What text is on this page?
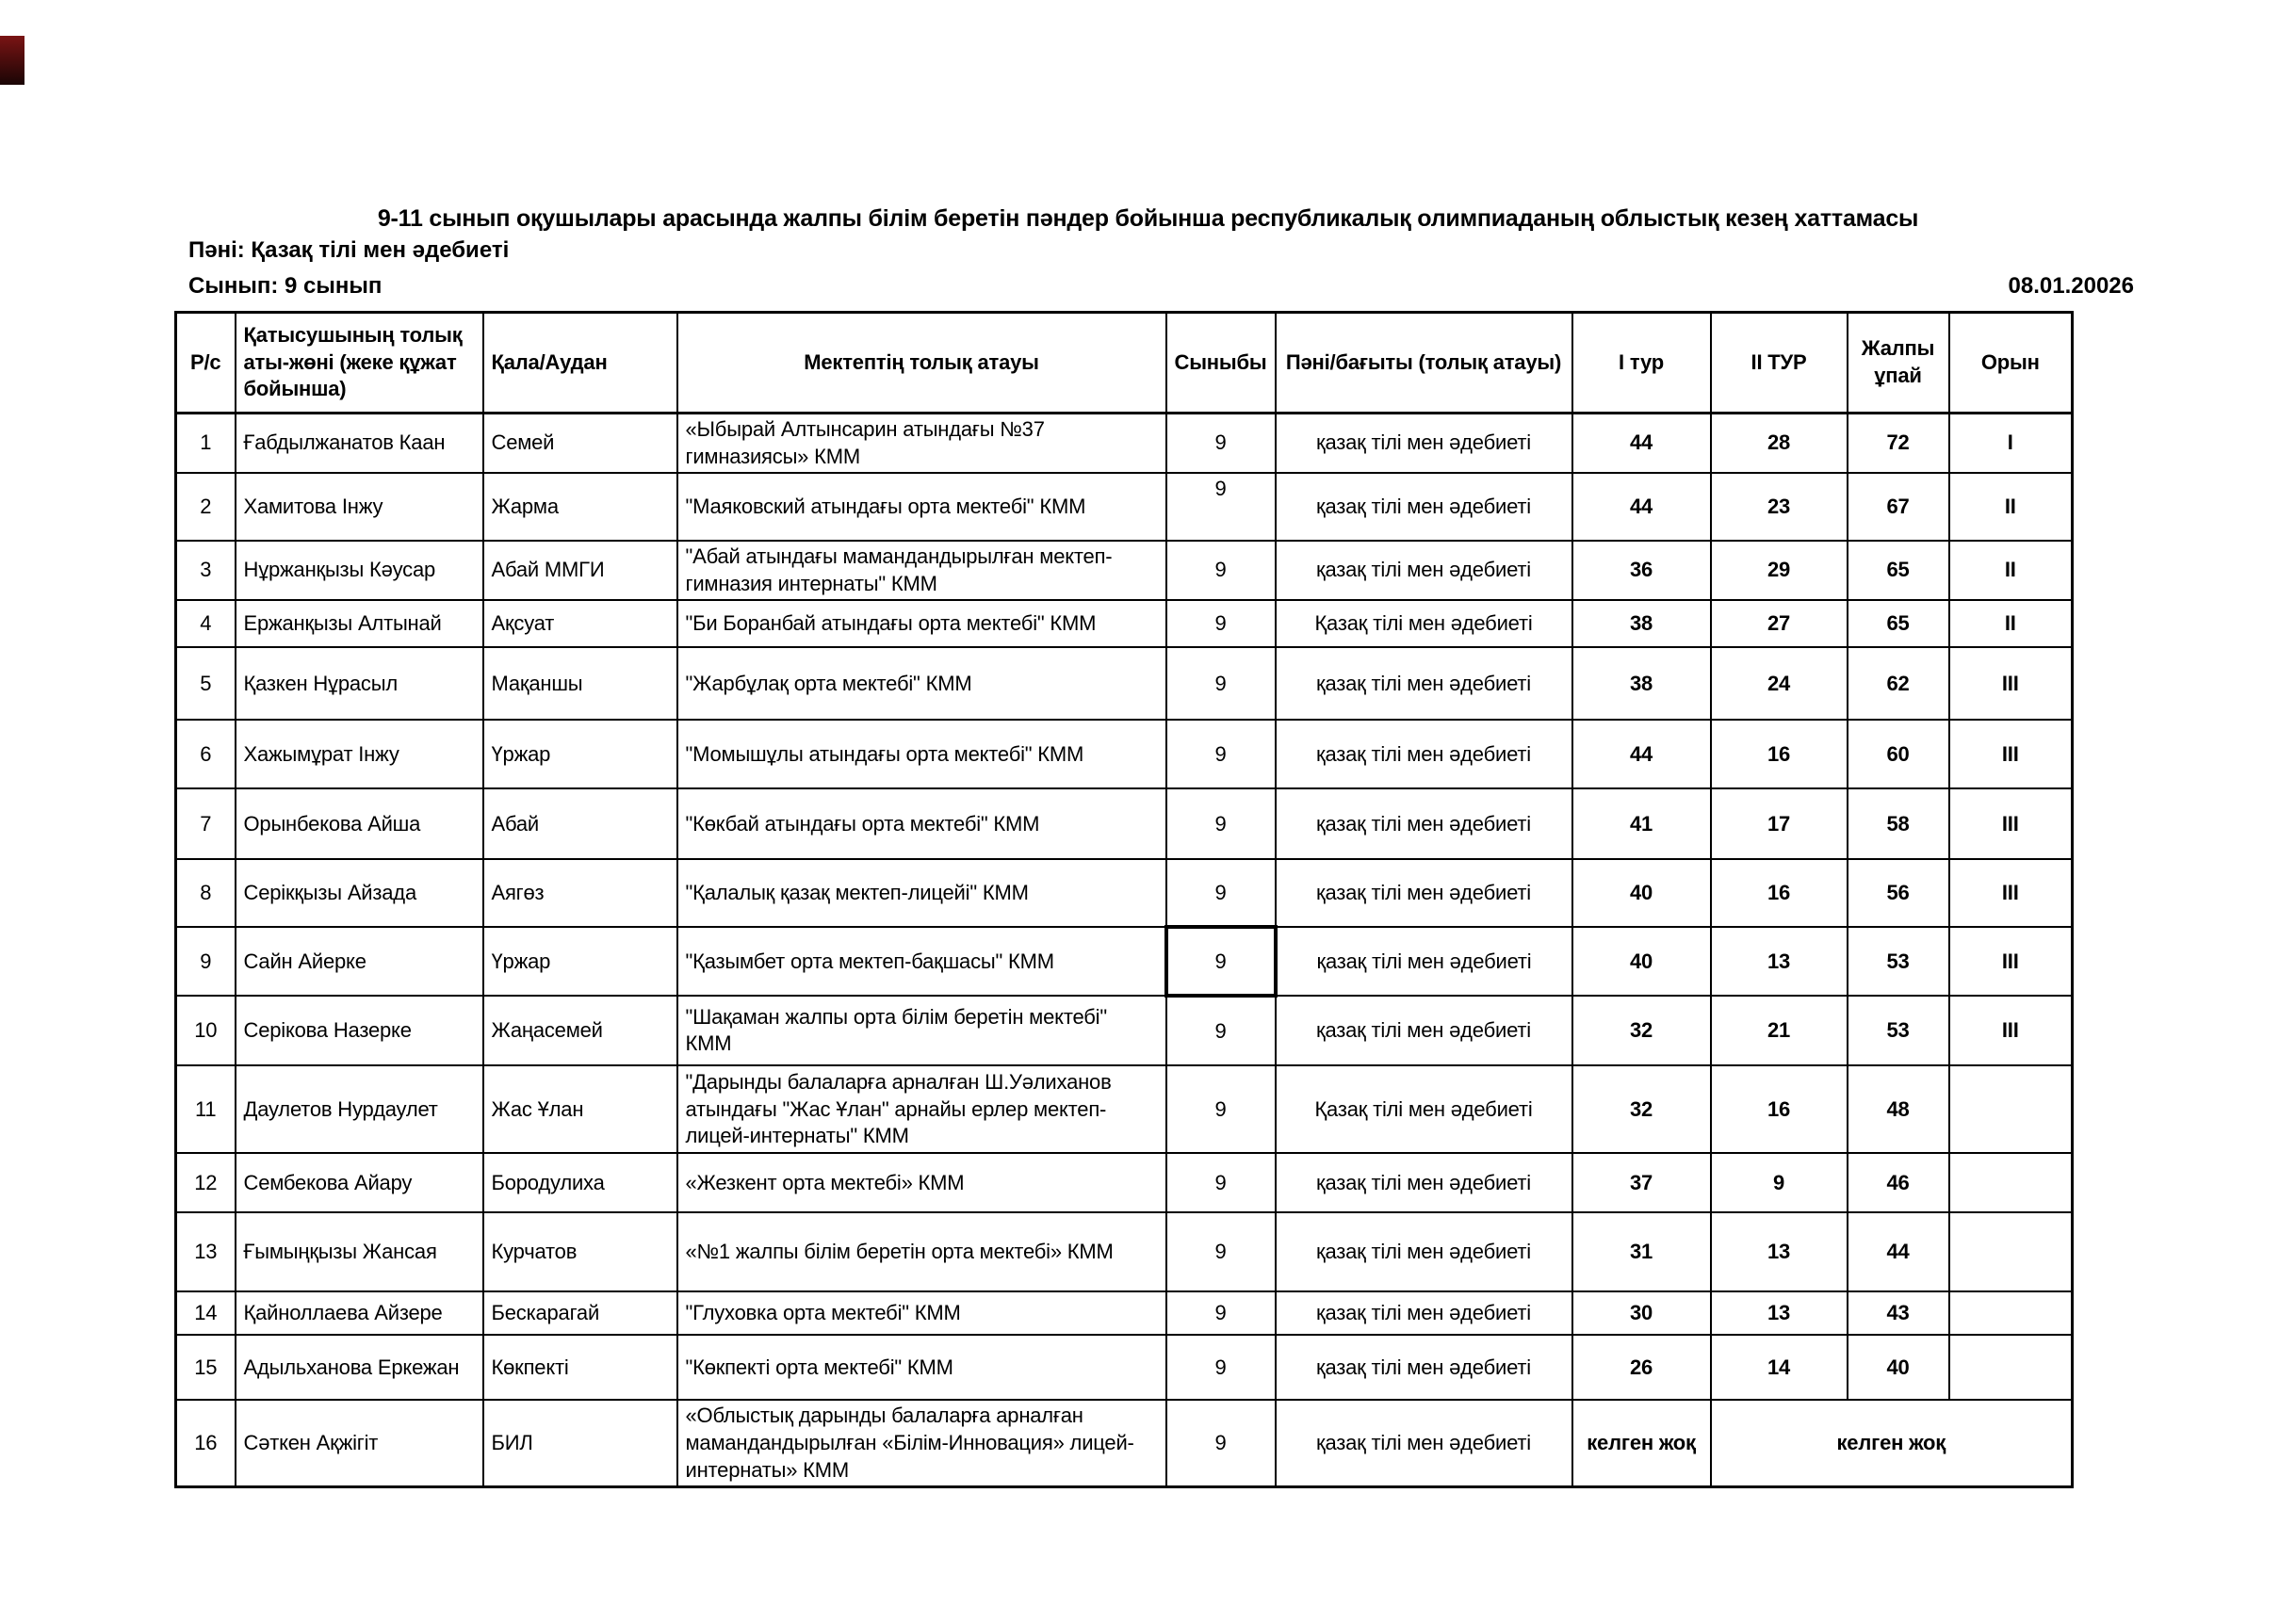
9-11 сынып оқушылары арасында жалпы білім беретін пәндер бойынша республикалық олимпиаданың облыстық кезең хаттамасы
Пәні: Қазақ тілі мен әдебиеті
Сынып: 9 сынып	08.01.20026
Р/с	Қатысушының толық аты-жөні (жеке құжат бойынша)	Қала/Аудан	Мектептің толық атауы	Сыныбы	Пәні/бағыты (толық атауы)	І тур	ІІ ТУР	Жалпы ұпай	Орын
1	Ғабдылжанатов Каан	Семей	«Ыбырай Алтынсарин атындағы №37 гимназиясы» КММ	9	қазақ тілі мен әдебиеті	44	28	72	I
2	Хамитова Інжу	Жарма	"Маяковский атындағы орта мектебі" КММ	9	қазақ тілі мен әдебиеті	44	23	67	II
3	Нұржанқызы Кәусар	Абай ММГИ	"Абай атындағы мамандандырылған мектеп-гимназия интернаты" КММ	9	қазақ тілі мен әдебиеті	36	29	65	II
4	Ержанқызы Алтынай	Ақсуат	"Би Боранбай атындағы орта мектебі" КММ	9	Қазақ тілі мен әдебиеті	38	27	65	II
5	Қазкен Нұрасыл	Мақаншы	"Жарбұлақ орта мектебі" КММ	9	қазақ тілі мен әдебиеті	38	24	62	III
6	Хажымұрат Інжу	Үржар	"Момышұлы атындағы орта мектебі" КММ	9	қазақ тілі мен әдебиеті	44	16	60	III
7	Орынбекова Айша	Абай	"Көкбай атындағы орта мектебі" КММ	9	қазақ тілі мен әдебиеті	41	17	58	III
8	Серікқызы Айзада	Аягөз	"Қалалық қазақ мектеп-лицейі" КММ	9	қазақ тілі мен әдебиеті	40	16	56	III
9	Сайн Айерке	Үржар	"Қазымбет орта мектеп-бақшасы" КММ	9	қазақ тілі мен әдебиеті	40	13	53	III
10	Серікова Назерке	Жаңасемей	"Шақаман жалпы орта білім беретін мектебі" КММ	9	қазақ тілі мен әдебиеті	32	21	53	III
11	Даулетов Нурдаулет	Жас Ұлан	"Дарынды балаларға арналған Ш.Уәлиханов атындағы "Жас Ұлан" арнайы ерлер мектеп- лицей-интернаты" КММ	9	Қазақ тілі мен әдебиеті	32	16	48	
12	Сембекова Айару	Бородулиха	«Жезкент орта мектебі» КММ	9	қазақ тілі мен әдебиеті	37	9	46	
13	Ғымыңқызы Жансая	Курчатов	«№1 жалпы білім беретін орта мектебі» КММ	9	қазақ тілі мен әдебиеті	31	13	44	
14	Қайноллаева Айзере	Бескарагай	"Глуховка орта мектебі" КММ	9	қазақ тілі мен әдебиеті	30	13	43	
15	Адыльханова Еркежан	Көкпекті	"Көкпекті орта мектебі" КММ	9	қазақ тілі мен әдебиеті	26	14	40	
16	Сәткен Ақжігіт	БИЛ	«Облыстық дарынды балаларға арналған мамандандырылған «Білім-Инновация» лицей-интернаты» КММ	9	қазақ тілі мен әдебиеті	келген жоқ	келген жоқ		
